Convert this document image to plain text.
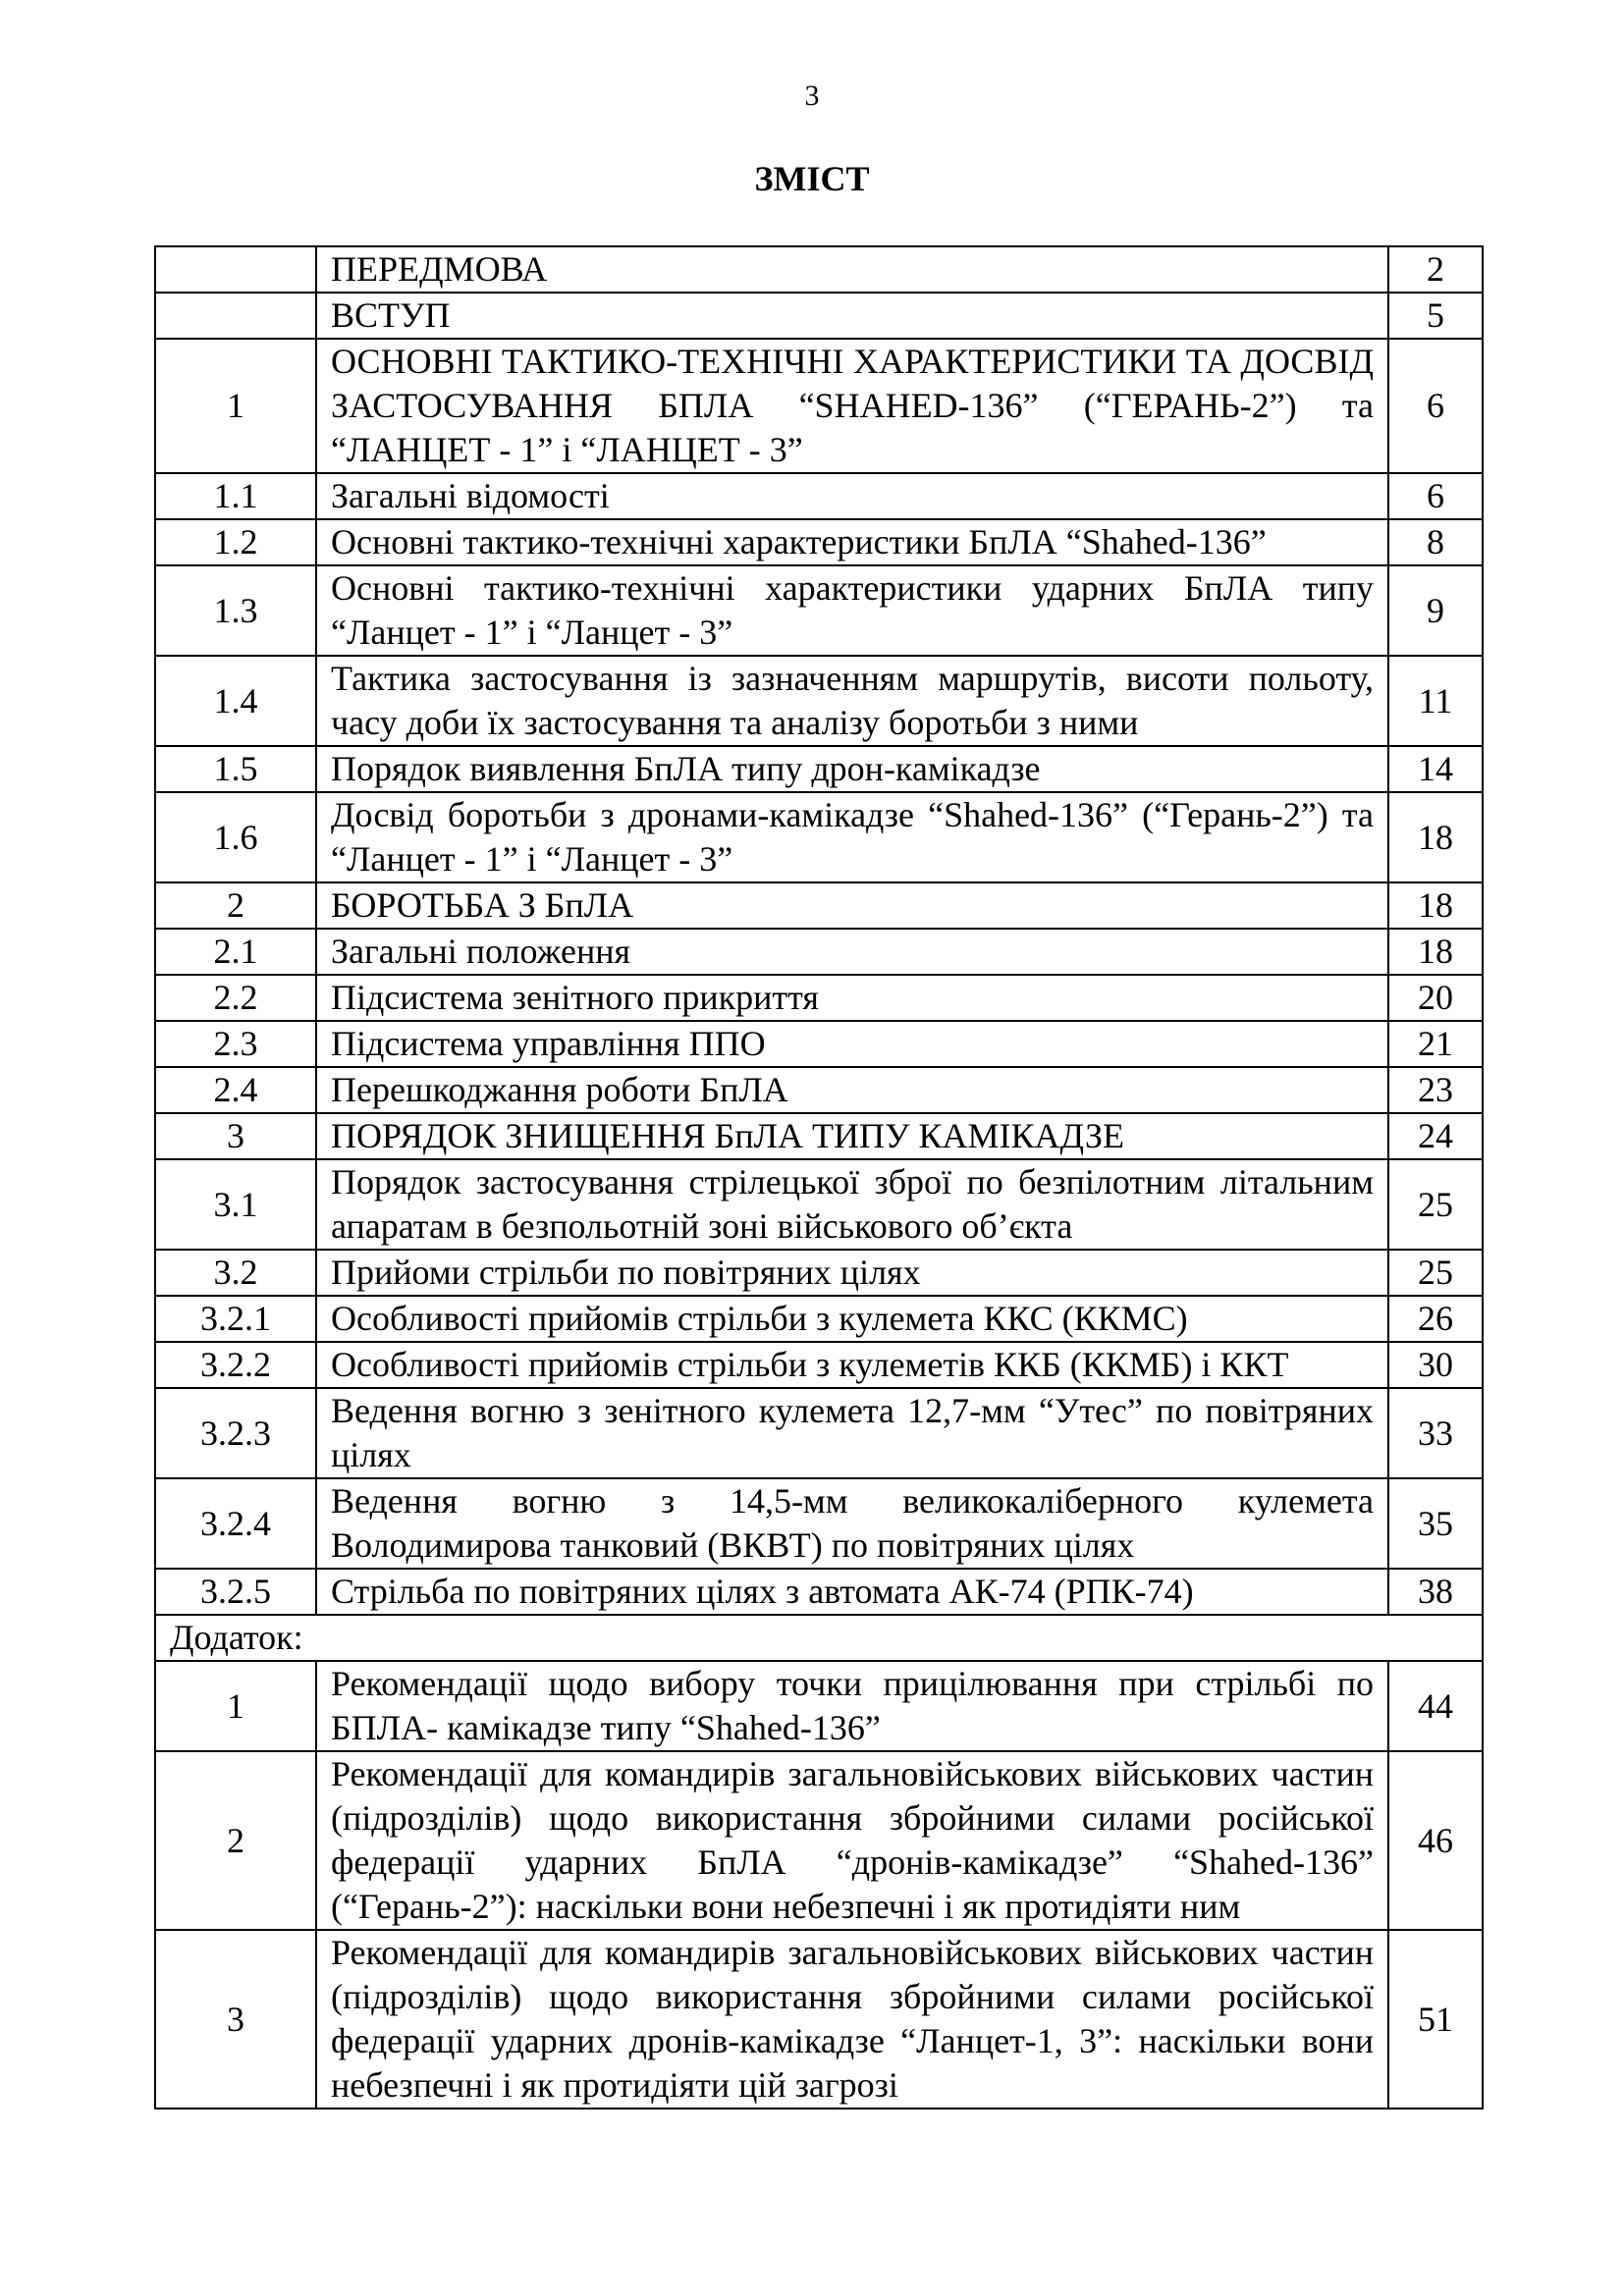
3
ЗМІСТ
	ПЕРЕДМОВА	2
	ВСТУП	5
1	ОСНОВНІ ТАКТИКО-ТЕХНІЧНІ ХАРАКТЕРИСТИКИ ТА ДОСВІД ЗАСТОСУВАННЯ БПЛА “SHAHED-136” (“ГЕРАНЬ-2”) та “ЛАНЦЕТ - 1” і “ЛАНЦЕТ - 3”	6
1.1	Загальні відомості	6
1.2	Основні тактико-технічні характеристики БпЛА “Shahed-136”	8
1.3	Основні тактико-технічні характеристики ударних БпЛА типу “Ланцет - 1” і “Ланцет - 3”	9
1.4	Тактика застосування із зазначенням маршрутів, висоти польоту, часу доби їх застосування та аналізу боротьби з ними	11
1.5	Порядок виявлення БпЛА типу дрон-камікадзе	14
1.6	Досвід боротьби з дронами-камікадзе “Shahed-136” (“Герань-2”) та “Ланцет - 1” і “Ланцет - 3”	18
2	БОРОТЬБА З БпЛА	18
2.1	Загальні положення	18
2.2	Підсистема зенітного прикриття	20
2.3	Підсистема управління ППО	21
2.4	Перешкоджання роботи БпЛА	23
3	ПОРЯДОК ЗНИЩЕННЯ БпЛА ТИПУ КАМІКАДЗЕ	24
3.1	Порядок застосування стрілецької зброї по безпілотним літальним апаратам в безпольотній зоні військового об’єкта	25
3.2	Прийоми стрільби по повітряних цілях	25
3.2.1	Особливості прийомів стрільби з кулемета ККС (ККМС)	26
3.2.2	Особливості прийомів стрільби з кулеметів ККБ (ККМБ) і ККТ	30
3.2.3	Ведення вогню з зенітного кулемета 12,7-мм “Утес” по повітряних цілях	33
3.2.4	Ведення вогню з 14,5-мм великокаліберного кулемета Володимирова танковий (ВКВТ) по повітряних цілях	35
3.2.5	Стрільба по повітряних цілях з автомата АК-74 (РПК-74)	38
Додаток:		
1	Рекомендації щодо вибору точки прицілювання при стрільбі по БПЛА- камікадзе типу “Shahed-136”	44
2	Рекомендації для командирів загальновійськових військових частин (підрозділів) щодо використання збройними силами російської федерації ударних БпЛА “дронів-камікадзе” “Shahed-136” (“Герань-2”): наскільки вони небезпечні і як протидіяти ним	46
3	Рекомендації для командирів загальновійськових військових частин (підрозділів) щодо використання збройними силами російської федерації ударних дронів-камікадзе “Ланцет-1, 3”: наскільки вони небезпечні і як протидіяти цій загрозі	51
